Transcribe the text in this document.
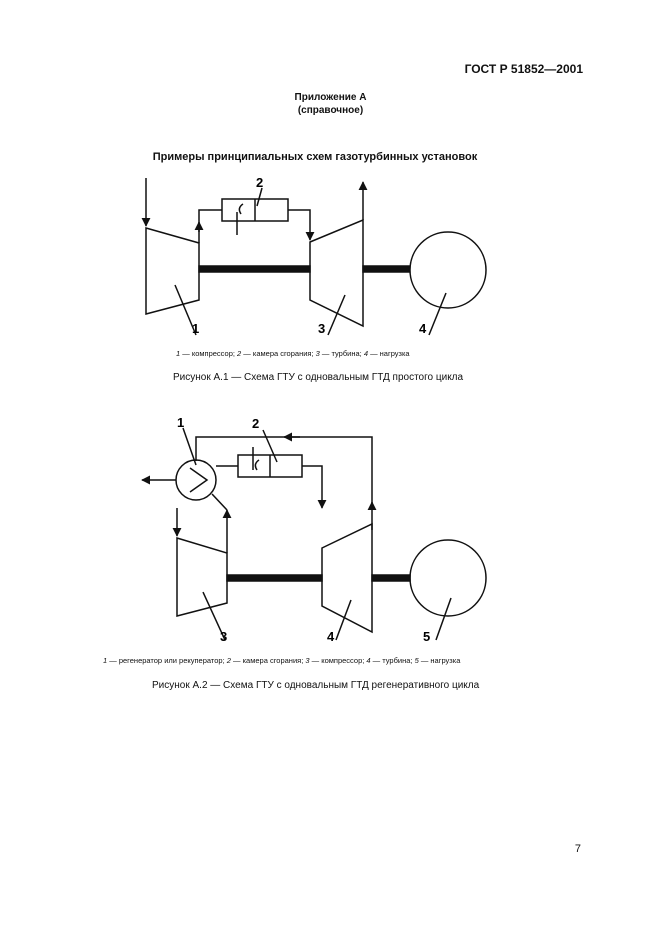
ГОСТ Р 51852—2001
Приложение А
(справочное)
Примеры принципиальных схем газотурбинных установок
1
2
3	4
1	2
3	4	5
1 — компрессор; 2 — камера сгорания; 3 — турбина; 4 — нагрузка
Рисунок А.1 — Схема ГТУ с одновальным ГТД простого цикла
1 — регенератор или рекуператор; 2 — камера сгорания; 3 — компрессор; 4 — турбина; 5 — нагрузка
Рисунок А.2 — Схема ГТУ с одновальным ГТД регенеративного цикла
7
